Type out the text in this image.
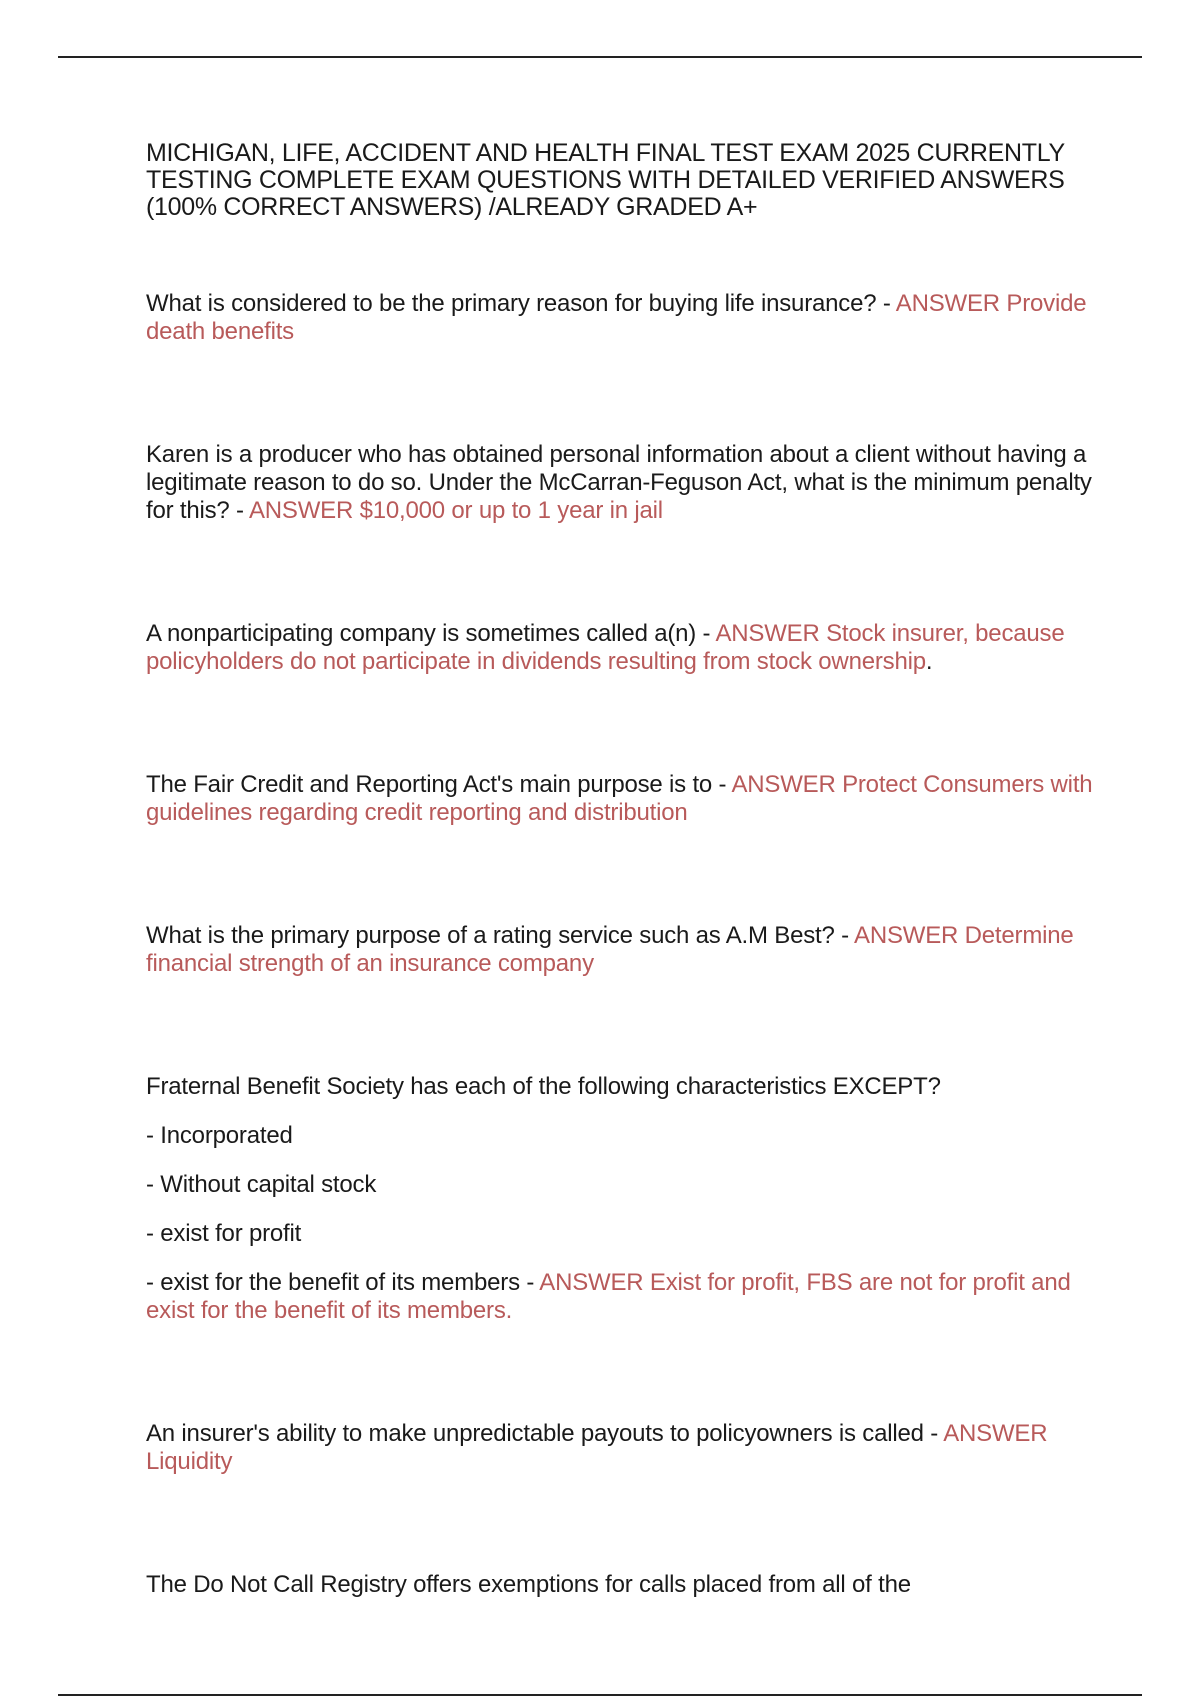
MICHIGAN, LIFE, ACCIDENT AND HEALTH FINAL TEST EXAM 2025 CURRENTLY TESTING COMPLETE EXAM QUESTIONS WITH DETAILED VERIFIED ANSWERS (100% CORRECT ANSWERS) /ALREADY GRADED A+

What is considered to be the primary reason for buying life insurance? - ANSWER Provide death benefits

Karen is a producer who has obtained personal information about a client without having a legitimate reason to do so. Under the McCarran-Feguson Act, what is the minimum penalty for this? - ANSWER $10,000 or up to 1 year in jail

A nonparticipating company is sometimes called a(n) - ANSWER Stock insurer, because policyholders do not participate in dividends resulting from stock ownership.

The Fair Credit and Reporting Act's main purpose is to - ANSWER Protect Consumers with guidelines regarding credit reporting and distribution

What is the primary purpose of a rating service such as A.M Best? - ANSWER Determine financial strength of an insurance company

Fraternal Benefit Society has each of the following characteristics EXCEPT?

- Incorporated

- Without capital stock

- exist for profit

- exist for the benefit of its members - ANSWER Exist for profit, FBS are not for profit and exist for the benefit of its members.

An insurer's ability to make unpredictable payouts to policyowners is called - ANSWER Liquidity

The Do Not Call Registry offers exemptions for calls placed from all of the
